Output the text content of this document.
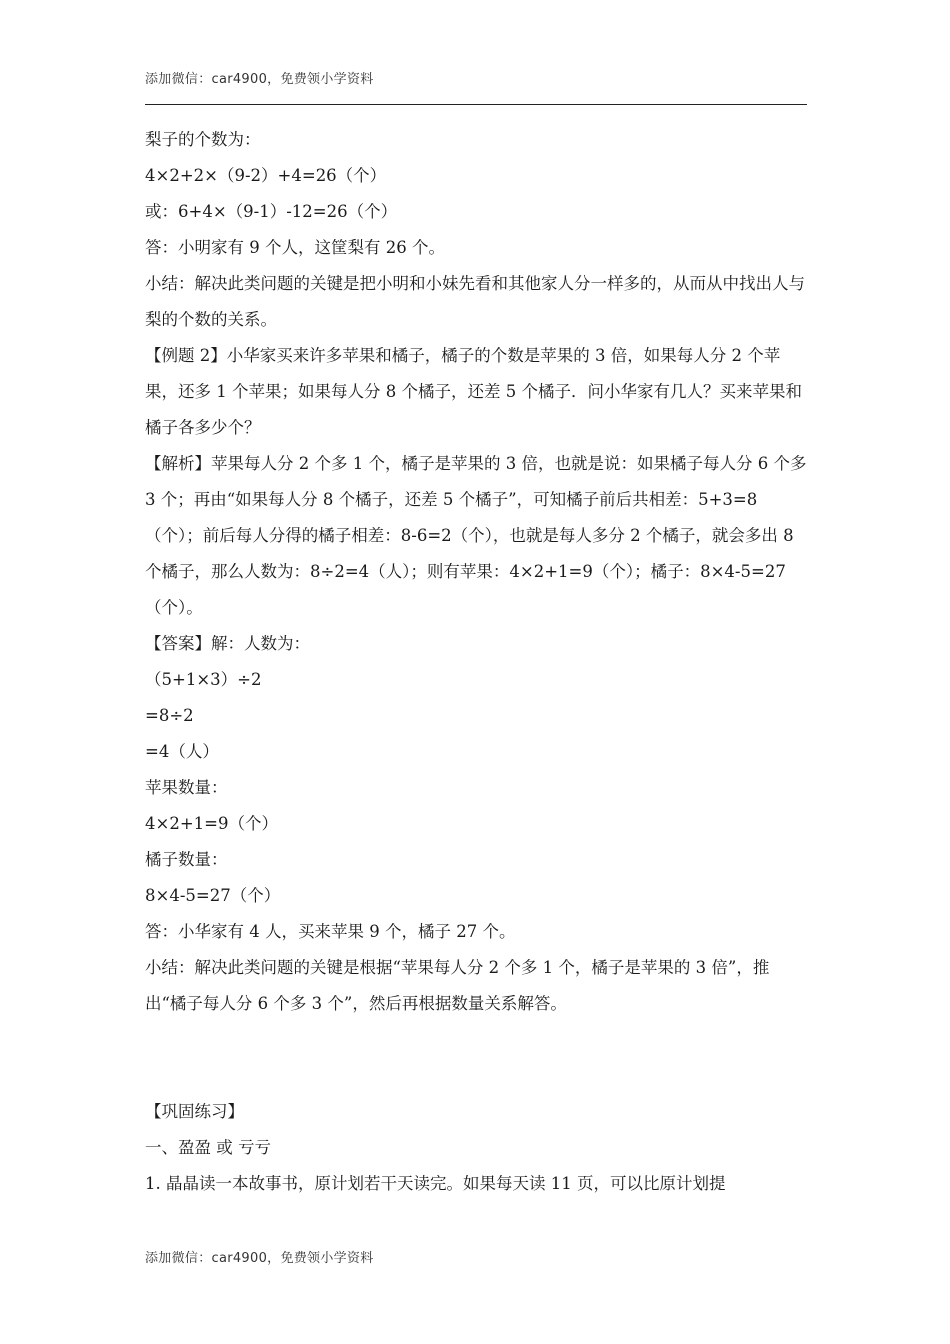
添加微信：car4900，免费领小学资料

梨子的个数为：

4×2+2×（9-2）+4=26（个）

或：6+4×（9-1）-12=26（个）

答：小明家有 9 个人，这筐梨有 26 个。

小结：解决此类问题的关键是把小明和小妹先看和其他家人分一样多的，从而从中找出人与梨的个数的关系。

【例题 2】小华家买来许多苹果和橘子，橘子的个数是苹果的 3 倍，如果每人分 2 个苹果，还多 1 个苹果；如果每人分 8 个橘子，还差 5 个橘子．问小华家有几人？买来苹果和橘子各多少个？

【解析】苹果每人分 2 个多 1 个，橘子是苹果的 3 倍，也就是说：如果橘子每人分 6 个多 3 个；再由“如果每人分 8 个橘子，还差 5 个橘子”，可知橘子前后共相差：5+3=8（个）；前后每人分得的橘子相差：8-6=2（个），也就是每人多分 2 个橘子，就会多出 8 个橘子，那么人数为：8÷2=4（人）；则有苹果：4×2+1=9（个）；橘子：8×4-5=27（个）。

【答案】解：人数为：

（5+1×3）÷2

=8÷2

=4（人）

苹果数量：

4×2+1=9（个）

橘子数量：

8×4-5=27（个）

答：小华家有 4 人，买来苹果 9 个，橘子 27 个。

小结：解决此类问题的关键是根据“苹果每人分 2 个多 1 个，橘子是苹果的 3 倍”，推出“橘子每人分 6 个多 3 个”，然后再根据数量关系解答。

【巩固练习】

一、盈盈 或 亏亏

1. 晶晶读一本故事书，原计划若干天读完。如果每天读 11 页，可以比原计划提

添加微信：car4900，免费领小学资料
